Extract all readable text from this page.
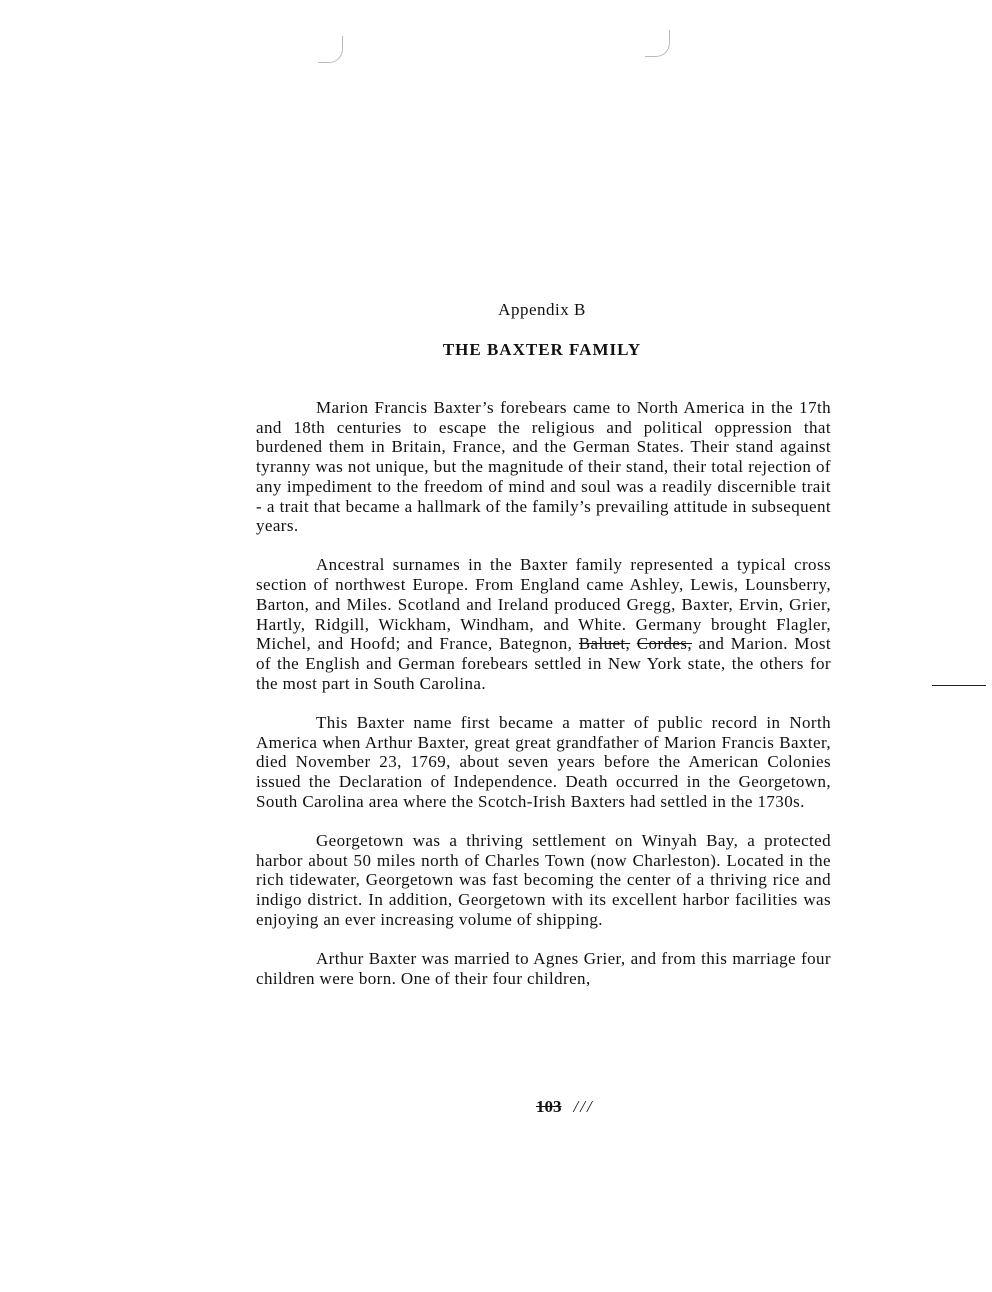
Appendix B
THE BAXTER FAMILY

Marion Francis Baxter’s forebears came to North America in the 17th and 18th centuries to escape the religious and political oppression that burdened them in Britain, France, and the German States. Their stand against tyranny was not unique, but the magnitude of their stand, their total rejection of any impediment to the freedom of mind and soul was a readily discernible trait - a trait that became a hallmark of the family’s prevailing attitude in subsequent years.

Ancestral surnames in the Baxter family represented a typical cross section of northwest Europe. From England came Ashley, Lewis, Lounsberry, Barton, and Miles. Scotland and Ireland produced Gregg, Baxter, Ervin, Grier, Hartly, Ridgill, Wickham, Windham, and White. Germany brought Flagler, Michel, and Hoofd; and France, Bategnon, Baluet, Cordes, and Marion. Most of the English and German forebears settled in New York state, the others for the most part in South Carolina.

This Baxter name first became a matter of public record in North America when Arthur Baxter, great great grandfather of Marion Francis Baxter, died November 23, 1769, about seven years before the American Colonies issued the Declaration of Independence. Death occurred in the Georgetown, South Carolina area where the Scotch-Irish Baxters had settled in the 1730s.

Georgetown was a thriving settlement on Winyah Bay, a protected harbor about 50 miles north of Charles Town (now Charleston). Located in the rich tidewater, Georgetown was fast becoming the center of a thriving rice and indigo district. In addition, Georgetown with its excellent harbor facilities was enjoying an ever increasing volume of shipping.

Arthur Baxter was married to Agnes Grier, and from this marriage four children were born. One of their four children,

103 ///
